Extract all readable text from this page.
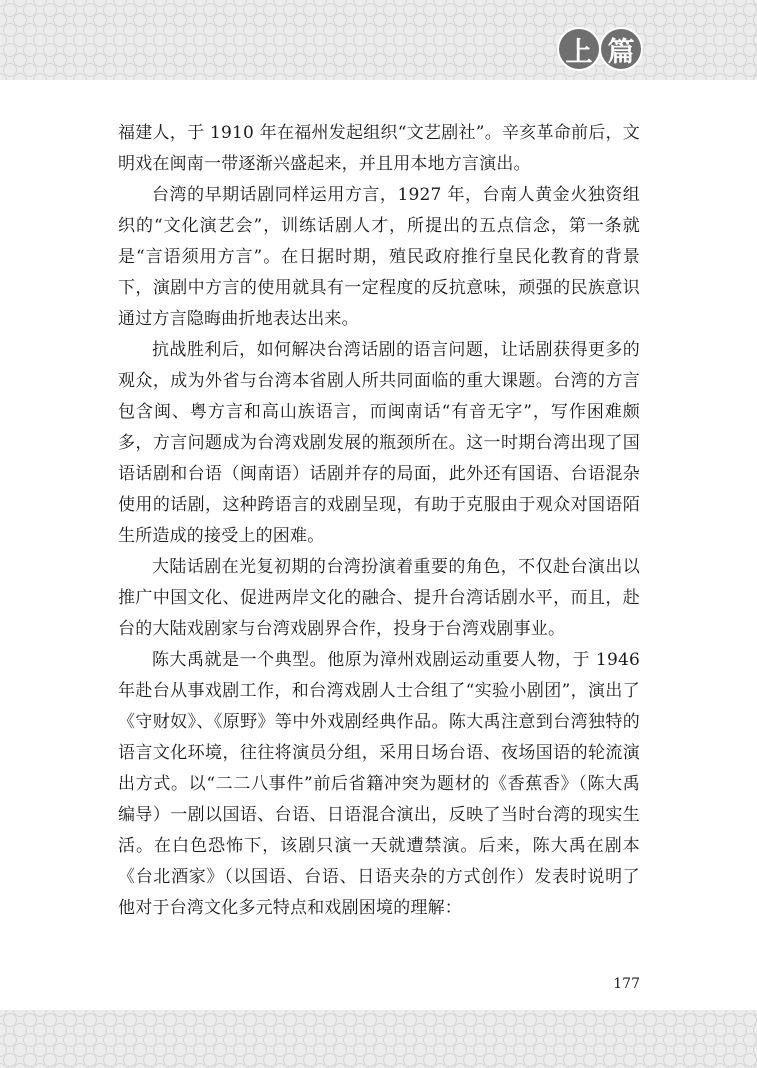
上 篇

福建人，于 1910 年在福州发起组织“文艺剧社”。辛亥革命前后，文明戏在闽南一带逐渐兴盛起来，并且用本地方言演出。

台湾的早期话剧同样运用方言，1927 年，台南人黄金火独资组织的“文化演艺会”，训练话剧人才，所提出的五点信念，第一条就是“言语须用方言”。在日据时期，殖民政府推行皇民化教育的背景下，演剧中方言的使用就具有一定程度的反抗意味，顽强的民族意识通过方言隐晦曲折地表达出来。

抗战胜利后，如何解决台湾话剧的语言问题，让话剧获得更多的观众，成为外省与台湾本省剧人所共同面临的重大课题。台湾的方言包含闽、粤方言和高山族语言，而闽南话“有音无字”，写作困难颇多，方言问题成为台湾戏剧发展的瓶颈所在。这一时期台湾出现了国语话剧和台语（闽南语）话剧并存的局面，此外还有国语、台语混杂使用的话剧，这种跨语言的戏剧呈现，有助于克服由于观众对国语陌生所造成的接受上的困难。

大陆话剧在光复初期的台湾扮演着重要的角色，不仅赴台演出以推广中国文化、促进两岸文化的融合、提升台湾话剧水平，而且，赴台的大陆戏剧家与台湾戏剧界合作，投身于台湾戏剧事业。

陈大禹就是一个典型。他原为漳州戏剧运动重要人物，于 1946 年赴台从事戏剧工作，和台湾戏剧人士合组了“实验小剧团”，演出了《守财奴》、《原野》等中外戏剧经典作品。陈大禹注意到台湾独特的语言文化环境，往往将演员分组，采用日场台语、夜场国语的轮流演出方式。以“二二八事件”前后省籍冲突为题材的《香蕉香》（陈大禹编导）一剧以国语、台语、日语混合演出，反映了当时台湾的现实生活。在白色恐怖下，该剧只演一天就遭禁演。后来，陈大禹在剧本《台北酒家》（以国语、台语、日语夹杂的方式创作）发表时说明了他对于台湾文化多元特点和戏剧困境的理解：

177
